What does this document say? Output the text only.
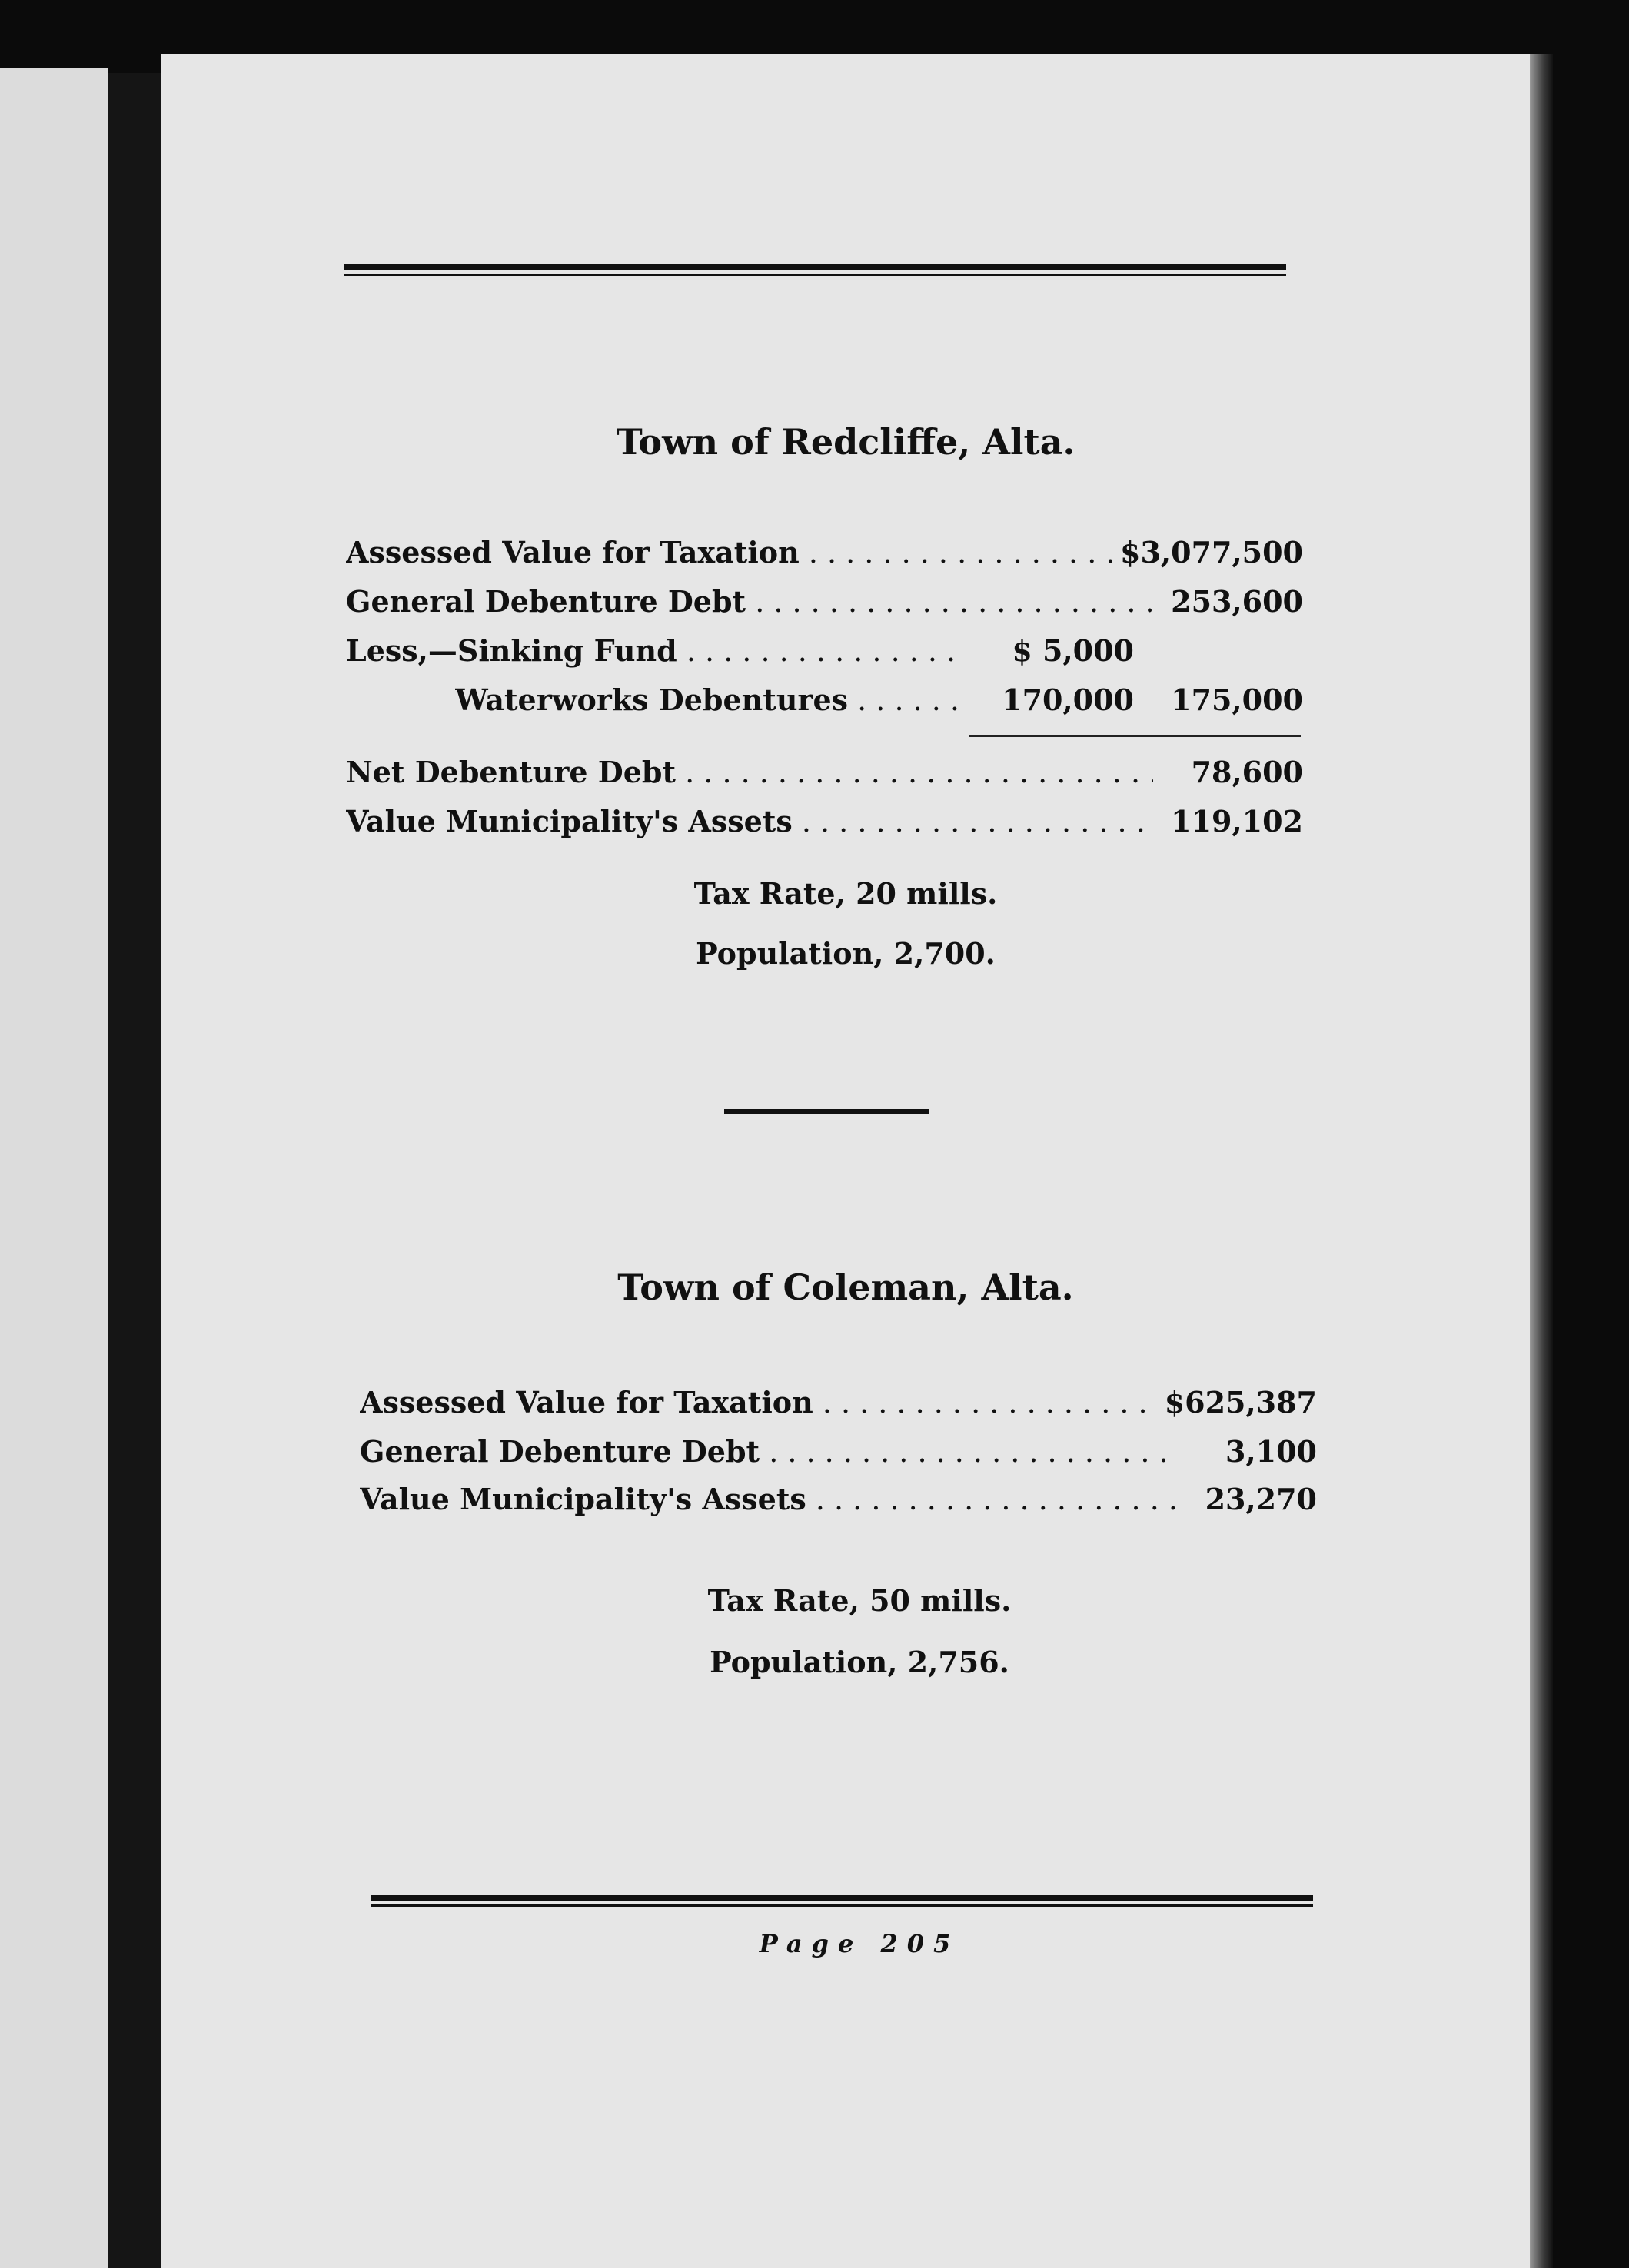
Town of Redcliffe, Alta.
Assessed Value for Taxation . . .	$3,077,500
General Debenture Debt . . .	253,600
Less,—Sinking Fund . . .	$ 5,000
Waterworks Debentures . . .	170,000 175,000
Net Debenture Debt . . .	78,600
Value Municipality's Assets . . .	119,102
Tax Rate, 20 mills.
Population, 2,700.
Town of Coleman, Alta.
Assessed Value for Taxation . . .	$625,387
General Debenture Debt . . .	3,100
Value Municipality's Assets . . .	23,270
Tax Rate, 50 mills.
Population, 2,756.
Page 205
